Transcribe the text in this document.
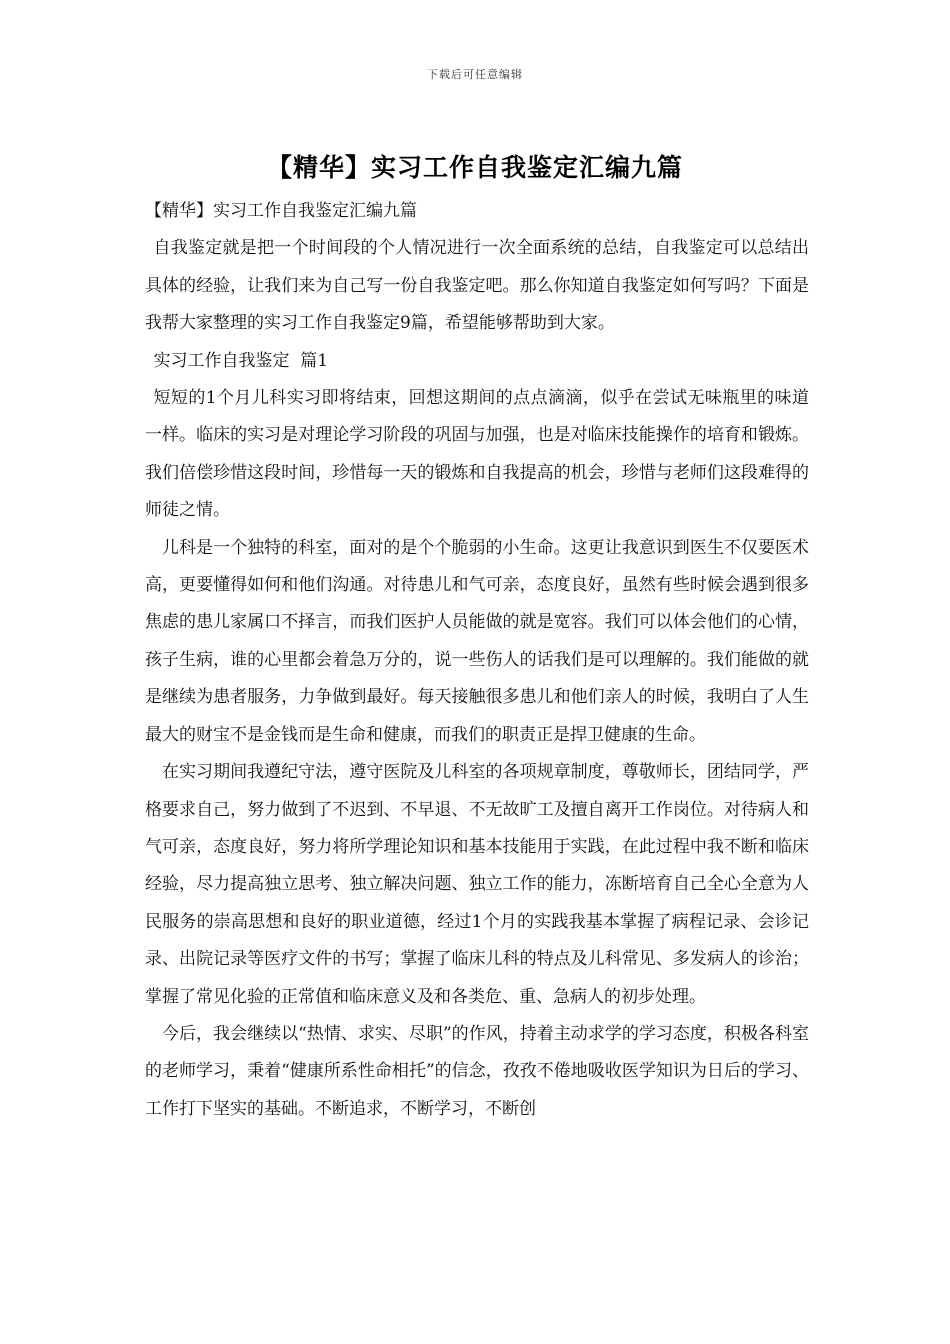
下载后可任意编辑
【精华】实习工作自我鉴定汇编九篇

【精华】实习工作自我鉴定汇编九篇

自我鉴定就是把一个时间段的个人情况进行一次全面系统的总结，自我鉴定可以总结出具体的经验，让我们来为自己写一份自我鉴定吧。那么你知道自我鉴定如何写吗？下面是我帮大家整理的实习工作自我鉴定9篇，希望能够帮助到大家。

实习工作自我鉴定  篇1

短短的1个月儿科实习即将结束，回想这期间的点点滴滴，似乎在尝试无味瓶里的味道一样。临床的实习是对理论学习阶段的巩固与加强，也是对临床技能操作的培育和锻炼。我们倍偿珍惜这段时间，珍惜每一天的锻炼和自我提高的机会，珍惜与老师们这段难得的师徒之情。

儿科是一个独特的科室，面对的是个个脆弱的小生命。这更让我意识到医生不仅要医术高，更要懂得如何和他们沟通。对待患儿和气可亲，态度良好，虽然有些时候会遇到很多焦虑的患儿家属口不择言，而我们医护人员能做的就是宽容。我们可以体会他们的心情，孩子生病，谁的心里都会着急万分的，说一些伤人的话我们是可以理解的。我们能做的就是继续为患者服务，力争做到最好。每天接触很多患儿和他们亲人的时候，我明白了人生最大的财宝不是金钱而是生命和健康，而我们的职责正是捍卫健康的生命。

在实习期间我遵纪守法，遵守医院及儿科室的各项规章制度，尊敬师长，团结同学，严格要求自己，努力做到了不迟到、不早退、不无故旷工及擅自离开工作岗位。对待病人和气可亲，态度良好，努力将所学理论知识和基本技能用于实践，在此过程中我不断和临床经验，尽力提高独立思考、独立解决问题、独立工作的能力，冻断培育自己全心全意为人民服务的崇高思想和良好的职业道德，经过1个月的实践我基本掌握了病程记录、会诊记录、出院记录等医疗文件的书写；掌握了临床儿科的特点及儿科常见、多发病人的诊治；掌握了常见化验的正常值和临床意义及和各类危、重、急病人的初步处理。

今后，我会继续以“热情、求实、尽职”的作风，持着主动求学的学习态度，积极各科室的老师学习，秉着“健康所系性命相托”的信念，孜孜不倦地吸收医学知识为日后的学习、工作打下坚实的基础。不断追求，不断学习，不断创
